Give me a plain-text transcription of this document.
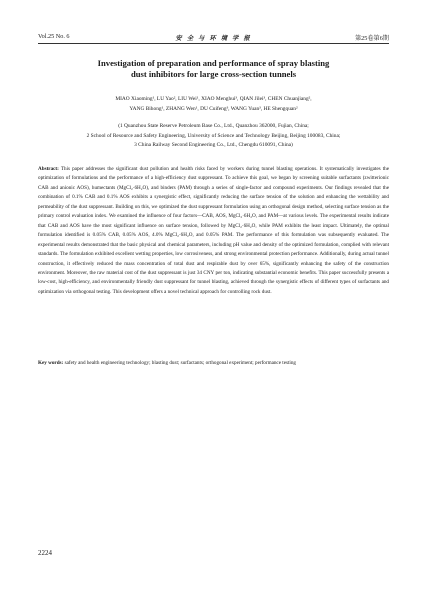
Vol.25 No. 6	安 全 与 环 境 学 报	第25卷第6期
Investigation of preparation and performance of spray blasting
dust inhibitors for large cross-section tunnels
MIAO Xiaoming¹, LU Yao², LIU Wei¹, XIAO Menghui³, QIAN Jilei³, CHEN Chuanjiang²,
YANG Bihong¹, ZHANG Wen¹, DU Cuifeng³, WANG Yuan³, HE Shengquan²
(1 Quanzhou State Reserve Petroleum Base Co., Ltd., Quanzhou 362000, Fujian, China;
2 School of Resource and Safety Engineering, University of Science and Technology Beijing, Beijing 100083, China;
3 China Railway Second Engineering Co., Ltd., Chengdu 610091, China)
Abstract: This paper addresses the significant dust pollution and health risks faced by workers during tunnel blasting operations. It systematically investigates the optimization of formulations and the performance of a high-efficiency dust suppressant. To achieve this goal, we began by screening suitable surfactants (zwitterionic CAB and anionic AOS), humectants (MgCl₂·6H₂O), and binders (PAM) through a series of single-factor and compound experiments. Our findings revealed that the combination of 0.1% CAB and 0.1% AOS exhibits a synergistic effect, significantly reducing the surface tension of the solution and enhancing the wettability and permeability of the dust suppressant. Building on this, we optimized the dust suppressant formulation using an orthogonal design method, selecting surface tension as the primary control evaluation index. We examined the influence of four factors—CAB, AOS, MgCl₂·6H₂O, and PAM—at various levels. The experimental results indicate that CAB and AOS have the most significant influence on surface tension, followed by MgCl₂·6H₂O, while PAM exhibits the least impact. Ultimately, the optimal formulation identified is 0.05% CAB, 0.05% AOS, 4.0% MgCl₂·6H₂O, and 0.05% PAM. The performance of this formulation was subsequently evaluated. The experimental results demonstrated that the basic physical and chemical parameters, including pH value and density of the optimized formulation, complied with relevant standards. The formulation exhibited excellent wetting properties, low corrosiveness, and strong environmental protection performance. Additionally, during actual tunnel construction, it effectively reduced the mass concentration of total dust and respirable dust by over 65%, significantly enhancing the safety of the construction environment. Moreover, the raw material cost of the dust suppressant is just 34 CNY per ton, indicating substantial economic benefits. This paper successfully presents a low-cost, high-efficiency, and environmentally friendly dust suppressant for tunnel blasting, achieved through the synergistic effects of different types of surfactants and optimization via orthogonal testing. This development offers a novel technical approach for controlling rock dust.
Key words: safety and health engineering technology; blasting dust; surfactants; orthogonal experiment; performance testing
2224
